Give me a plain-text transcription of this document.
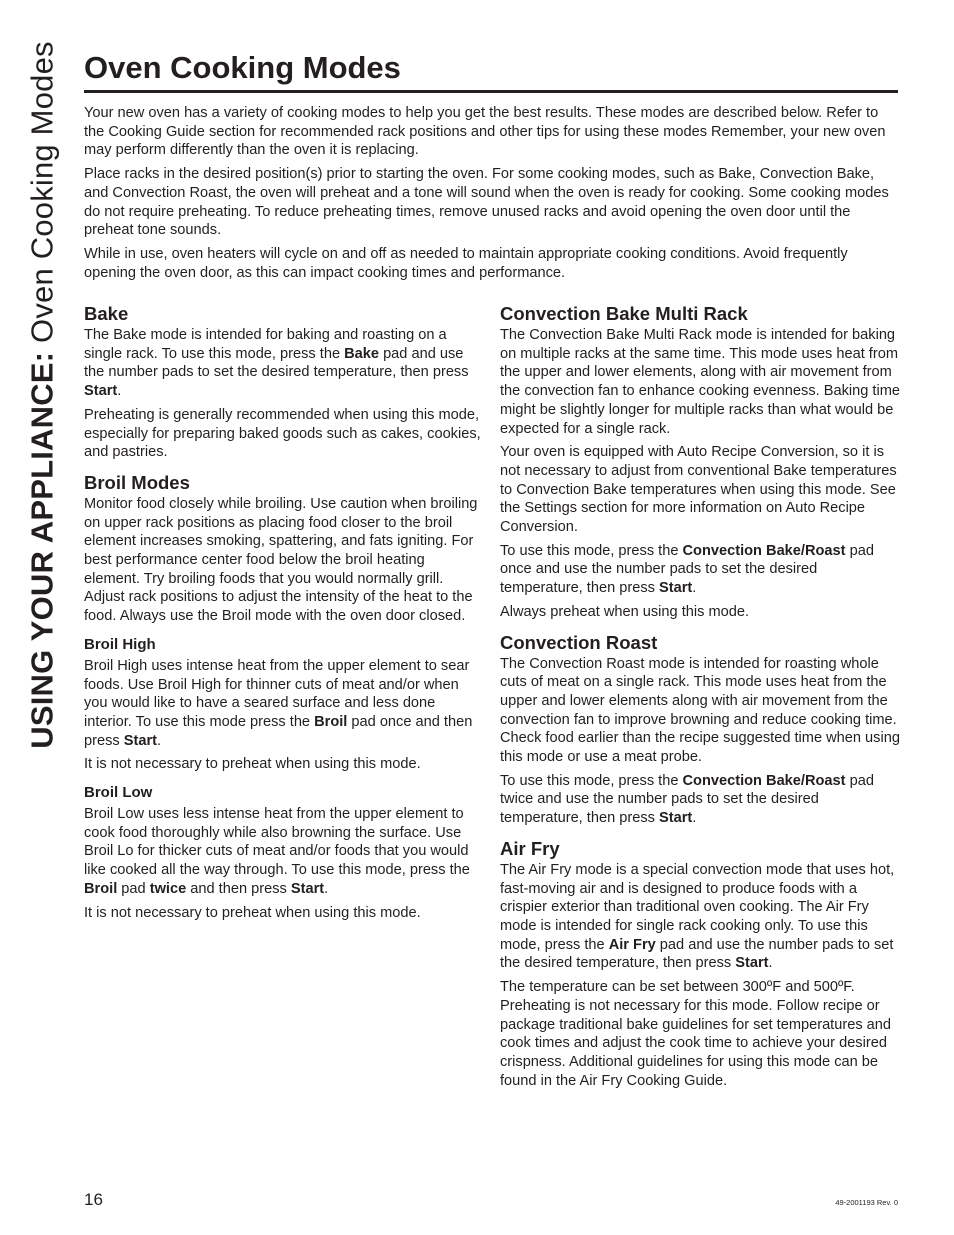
USING YOUR APPLIANCE: Oven Cooking Modes Oven Cooking Modes

Your new oven has a variety of cooking modes to help you get the best results. These modes are described below. Refer to the Cooking Guide section for recommended rack positions and other tips for using these modes Remember, your new oven may perform differently than the oven it is replacing.

Place racks in the desired position(s) prior to starting the oven. For some cooking modes, such as Bake, Convection Bake, and Convection Roast, the oven will preheat and a tone will sound when the oven is ready for cooking. Some cooking modes do not require preheating. To reduce preheating times, remove unused racks and avoid opening the oven door until the preheat tone sounds.

While in use, oven heaters will cycle on and off as needed to maintain appropriate cooking conditions. Avoid frequently opening the oven door, as this can impact cooking times and performance.

Bake

The Bake mode is intended for baking and roasting on a single rack. To use this mode, press the Bake pad and use the number pads to set the desired temperature, then press Start.

Preheating is generally recommended when using this mode, especially for preparing baked goods such as cakes, cookies, and pastries.

Broil Modes

Monitor food closely while broiling. Use caution when broiling on upper rack positions as placing food closer to the broil element increases smoking, spattering, and fats igniting. For best performance center food below the broil heating element. Try broiling foods that you would normally grill. Adjust rack positions to adjust the intensity of the heat to the food. Always use the Broil mode with the oven door closed.

Broil High

Broil High uses intense heat from the upper element to sear foods. Use Broil High for thinner cuts of meat and/or when you would like to have a seared surface and less done interior. To use this mode press the Broil pad once and then press Start.

It is not necessary to preheat when using this mode.

Broil Low

Broil Low uses less intense heat from the upper element to cook food thoroughly while also browning the surface. Use Broil Lo for thicker cuts of meat and/or foods that you would like cooked all the way through. To use this mode, press the Broil pad twice and then press Start.

It is not necessary to preheat when using this mode.

Convection Bake Multi Rack

The Convection Bake Multi Rack mode is intended for baking on multiple racks at the same time. This mode uses heat from the upper and lower elements, along with air movement from the convection fan to enhance cooking evenness. Baking time might be slightly longer for multiple racks than what would be expected for a single rack.

Your oven is equipped with Auto Recipe Conversion, so it is not necessary to adjust from conventional Bake temperatures to Convection Bake temperatures when using this mode. See the Settings section for more information on Auto Recipe Conversion.

To use this mode, press the Convection Bake/Roast pad once and use the number pads to set the desired temperature, then press Start.

Always preheat when using this mode.

Convection Roast

The Convection Roast mode is intended for roasting whole cuts of meat on a single rack. This mode uses heat from the upper and lower elements along with air movement from the convection fan to improve browning and reduce cooking time. Check food earlier than the recipe suggested time when using this mode or use a meat probe.

To use this mode, press the Convection Bake/Roast pad twice and use the number pads to set the desired temperature, then press Start.

Air Fry

The Air Fry mode is a special convection mode that uses hot, fast-moving air and is designed to produce foods with a crispier exterior than traditional oven cooking. The Air Fry mode is intended for single rack cooking only. To use this mode, press the Air Fry pad and use the number pads to set the desired temperature, then press Start.

The temperature can be set between 300ºF and 500ºF. Preheating is not necessary for this mode. Follow recipe or package traditional bake guidelines for set temperatures and cook times and adjust the cook time to achieve your desired crispness. Additional guidelines for using this mode can be found in the Air Fry Cooking Guide.

16	49-2001193 Rev. 0
